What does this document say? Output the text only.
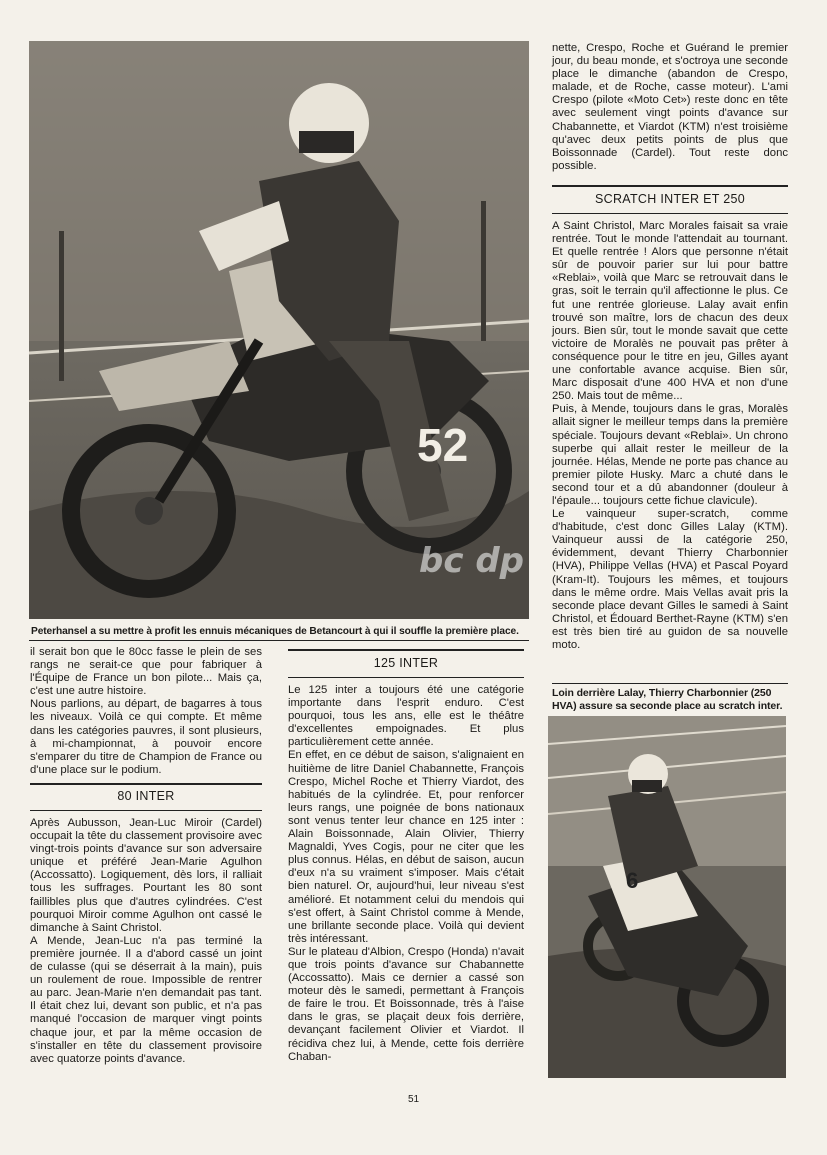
52
bc dp
Peterhansel a su mettre à profit les ennuis mécaniques de Betancourt à qui il souffle la première place.

il serait bon que le 80cc fasse le plein de ses rangs ne serait-ce que pour fabriquer à l'Équipe de France un bon pilote... Mais ça, c'est une autre histoire.

Nous parlions, au départ, de bagarres à tous les niveaux. Voilà ce qui compte. Et même dans les catégories pauvres, il sont plusieurs, à mi-championnat, à pouvoir encore s'emparer du titre de Champion de France ou d'une place sur le podium.

80 INTER

Après Aubusson, Jean-Luc Miroir (Cardel) occupait la tête du classement provisoire avec vingt-trois points d'avance sur son adversaire unique et préféré Jean-Marie Agulhon (Accossatto). Logiquement, dès lors, il ralliait tous les suffrages. Pourtant les 80 sont faillibles plus que d'autres cylindrées. C'est pourquoi Miroir comme Agulhon ont cassé le dimanche à Saint Christol.

A Mende, Jean-Luc n'a pas terminé la première journée. Il a d'abord cassé un joint de culasse (qui se déserrait à la main), puis un roulement de roue. Impossible de rentrer au parc. Jean-Marie n'en demandait pas tant. Il était chez lui, devant son public, et n'a pas manqué l'occasion de marquer vingt points chaque jour, et par la même occasion de s'installer en tête du classement provisoire avec quatorze points d'avance.

125 INTER

Le 125 inter a toujours été une catégorie importante dans l'esprit enduro. C'est pourquoi, tous les ans, elle est le théâtre d'excellentes empoignades. Et plus particulièrement cette année.

En effet, en ce début de saison, s'alignaient en huitième de litre Daniel Chabannette, François Crespo, Michel Roche et Thierry Viardot, des habitués de la cylindrée. Et, pour renforcer leurs rangs, une poignée de bons nationaux sont venus tenter leur chance en 125 inter : Alain Boissonnade, Alain Olivier, Thierry Magnaldi, Yves Cogis, pour ne citer que les plus connus. Hélas, en début de saison, aucun d'eux n'a su vraiment s'imposer. Mais c'était bien naturel. Or, aujourd'hui, leur niveau s'est amélioré. Et notamment celui du mendois qui s'est offert, à Saint Christol comme à Mende, une brillante seconde place. Voilà qui devient très intéressant.

Sur le plateau d'Albion, Crespo (Honda) n'avait que trois points d'avance sur Chabannette (Accossatto). Mais ce dernier a cassé son moteur dès le samedi, permettant à François de faire le trou. Et Boissonnade, très à l'aise dans le gras, se plaçait deux fois derrière, devançant facilement Olivier et Viardot. Il récidiva chez lui, à Mende, cette fois derrière Chaban-

nette, Crespo, Roche et Guérand le premier jour, du beau monde, et s'octroya une seconde place le dimanche (abandon de Crespo, malade, et de Roche, casse moteur). L'ami Crespo (pilote «Moto Cet») reste donc en tête avec seulement vingt points d'avance sur Chabannette, et Viardot (KTM) n'est troisième qu'avec deux petits points de plus que Boissonnade (Cardel). Tout reste donc possible.

SCRATCH INTER ET 250

A Saint Christol, Marc Morales faisait sa vraie rentrée. Tout le monde l'attendait au tournant. Et quelle rentrée ! Alors que personne n'était sûr de pouvoir parier sur lui pour battre «Reblai», voilà que Marc se retrouvait dans le gras, soit le terrain qu'il affectionne le plus. Ce fut une rentrée glorieuse. Lalay avait enfin trouvé son maître, lors de chacun des deux jours. Bien sûr, tout le monde savait que cette victoire de Moralès ne pouvait pas prêter à conséquence pour le titre en jeu, Gilles ayant une confortable avance acquise. Bien sûr, Marc disposait d'une 400 HVA et non d'une 250. Mais tout de même...

Puis, à Mende, toujours dans le gras, Moralès allait signer le meilleur temps dans la première spéciale. Toujours devant «Reblai». Un chrono superbe qui allait rester le meilleur de la journée. Hélas, Mende ne porte pas chance au premier pilote Husky. Marc a chuté dans le second tour et a dû abandonner (douleur à l'épaule... toujours cette fichue clavicule).

Le vainqueur super-scratch, comme d'habitude, c'est donc Gilles Lalay (KTM). Vainqueur aussi de la catégorie 250, évidemment, devant Thierry Charbonnier (HVA), Philippe Vellas (HVA) et Pascal Poyard (Kram-It). Toujours les mêmes, et toujours dans le même ordre. Mais Vellas avait pris la seconde place devant Gilles le samedi à Saint Christol, et Édouard Berthet-Rayne (KTM) s'en est très bien tiré au guidon de sa nouvelle moto.

Loin derrière Lalay, Thierry Charbonnier (250 HVA) assure sa seconde place au scratch inter.
6
51
